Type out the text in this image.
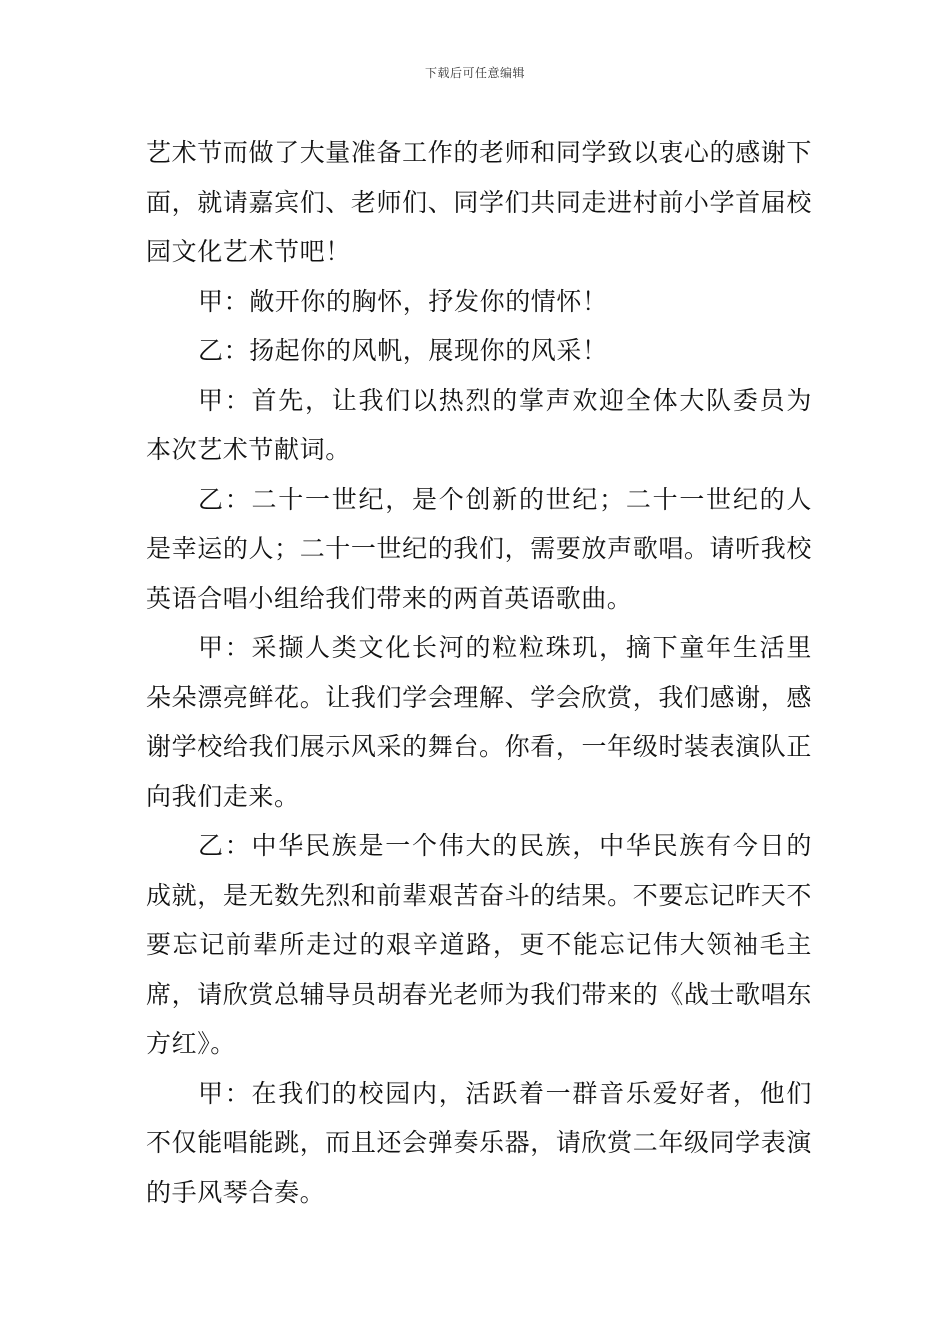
下载后可任意编辑

艺术节而做了大量准备工作的老师和同学致以衷心的感谢下面，就请嘉宾们、老师们、同学们共同走进村前小学首届校园文化艺术节吧！

甲：敞开你的胸怀，抒发你的情怀！

乙：扬起你的风帆，展现你的风采！

甲：首先，让我们以热烈的掌声欢迎全体大队委员为本次艺术节献词。

乙：二十一世纪，是个创新的世纪；二十一世纪的人是幸运的人；二十一世纪的我们，需要放声歌唱。请听我校英语合唱小组给我们带来的两首英语歌曲。

甲：采撷人类文化长河的粒粒珠玑，摘下童年生活里朵朵漂亮鲜花。让我们学会理解、学会欣赏，我们感谢，感谢学校给我们展示风采的舞台。你看，一年级时装表演队正向我们走来。

乙：中华民族是一个伟大的民族，中华民族有今日的成就，是无数先烈和前辈艰苦奋斗的结果。不要忘记昨天不要忘记前辈所走过的艰辛道路，更不能忘记伟大领袖毛主席，请欣赏总辅导员胡春光老师为我们带来的《战士歌唱东方红》。

甲：在我们的校园内，活跃着一群音乐爱好者，他们不仅能唱能跳，而且还会弹奏乐器，请欣赏二年级同学表演的手风琴合奏。
